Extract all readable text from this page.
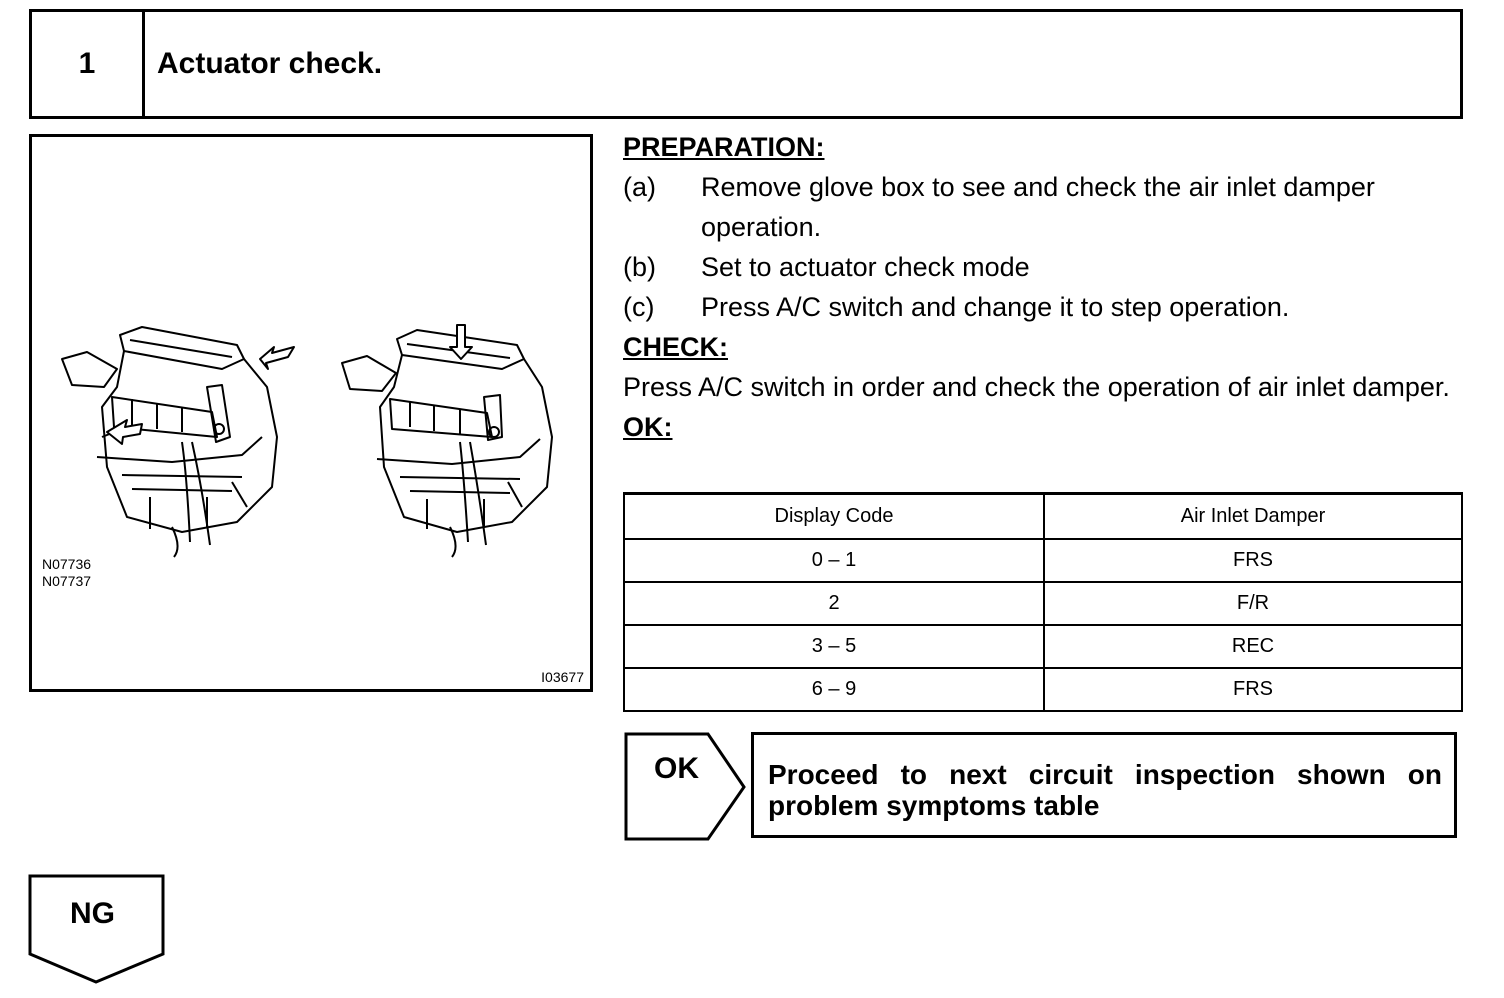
1	Actuator check.
N07736
N07737
I03677
PREPARATION:
(a)	Remove glove box to see and check the air inlet damper operation.
(b)	Set to actuator check mode
(c)	Press A/C switch and change it to step operation.
CHECK:
Press A/C switch in order and check the operation of air inlet damper.
OK:
Display Code	Air Inlet Damper
0 – 1	FRS
2	F/R
3 – 5	REC
6 – 9	FRS
OK	Proceed to next circuit inspection shown on problem symptoms table
NG
